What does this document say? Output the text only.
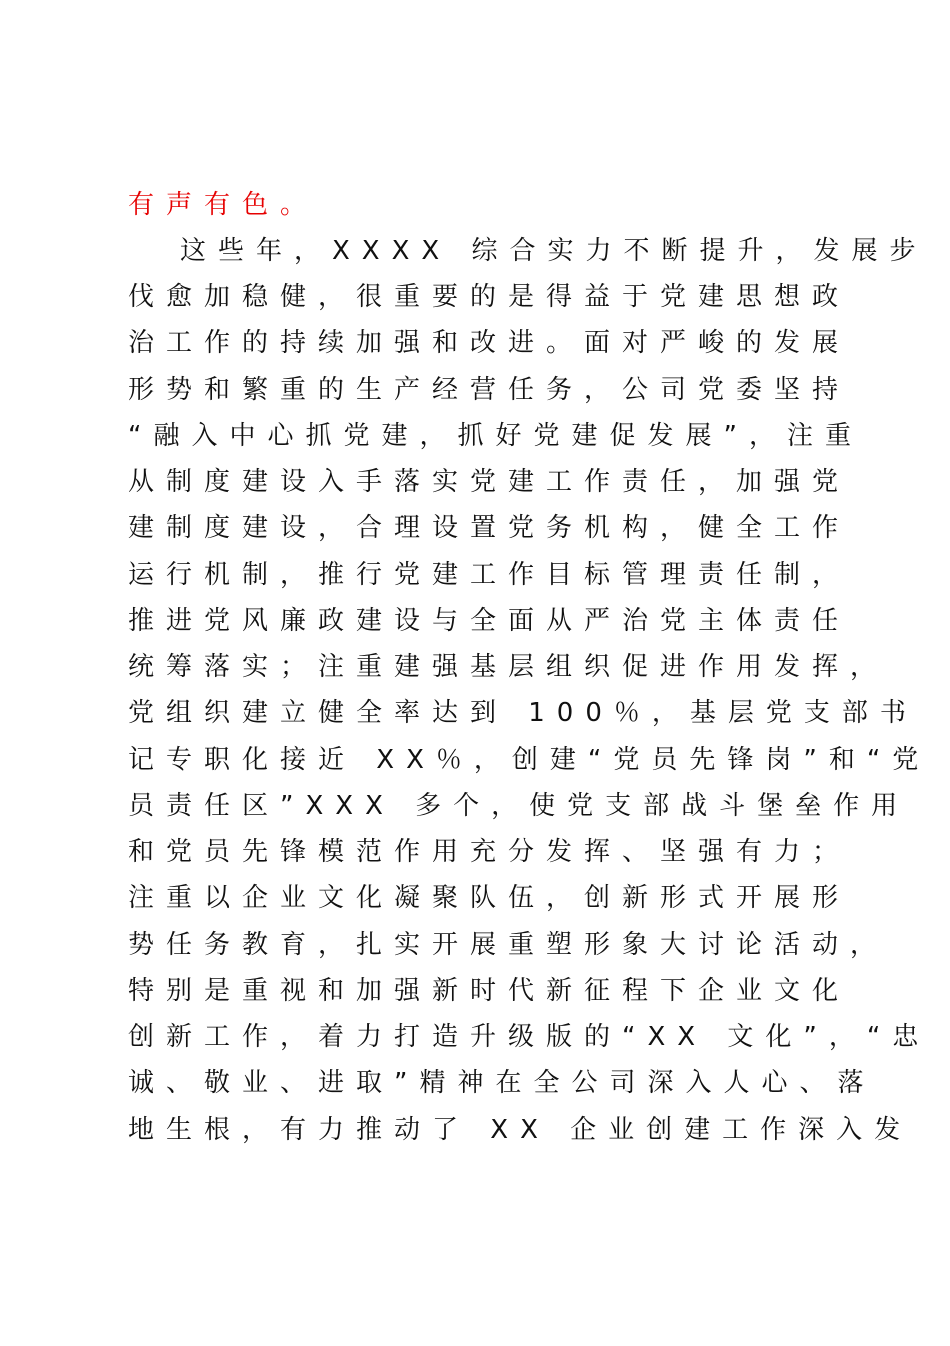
有声有色。
这些年，XXXX 综合实力不断提升，发展步
伐愈加稳健，很重要的是得益于党建思想政
治工作的持续加强和改进。面对严峻的发展
形势和繁重的生产经营任务，公司党委坚持
“融入中心抓党建，抓好党建促发展”，注重
从制度建设入手落实党建工作责任，加强党
建制度建设，合理设置党务机构，健全工作
运行机制，推行党建工作目标管理责任制，
推进党风廉政建设与全面从严治党主体责任
统筹落实；注重建强基层组织促进作用发挥，
党组织建立健全率达到 100％，基层党支部书
记专职化接近 XX％，创建“党员先锋岗”和“党
员责任区”XXX 多个，使党支部战斗堡垒作用
和党员先锋模范作用充分发挥、坚强有力；
注重以企业文化凝聚队伍，创新形式开展形
势任务教育，扎实开展重塑形象大讨论活动，
特别是重视和加强新时代新征程下企业文化
创新工作，着力打造升级版的“XX 文化”，“忠
诚、敬业、进取”精神在全公司深入人心、落
地生根，有力推动了 XX 企业创建工作深入发
